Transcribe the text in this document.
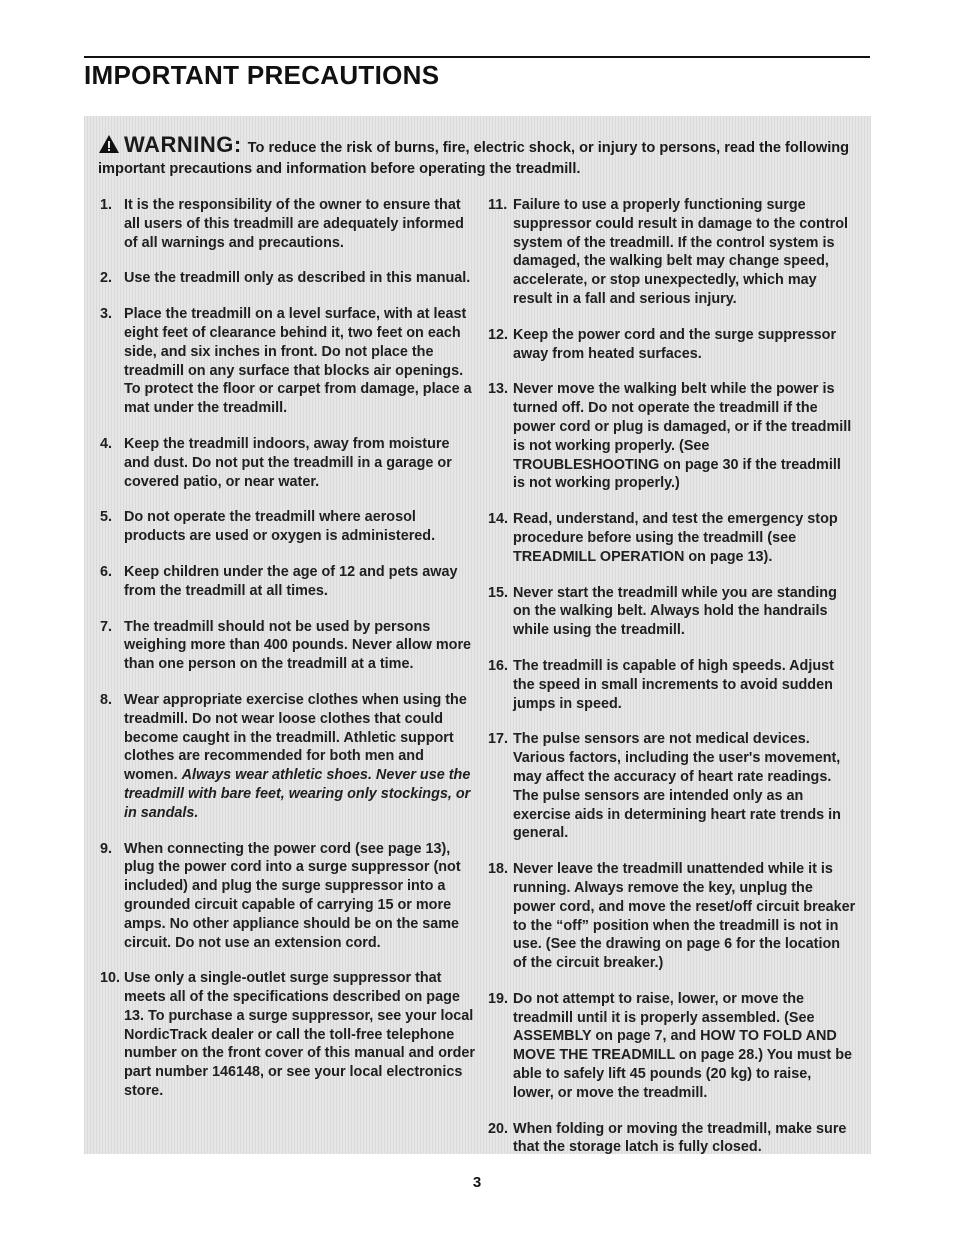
IMPORTANT PRECAUTIONS
WARNING: To reduce the risk of burns, fire, electric shock, or injury to persons, read the following important precautions and information before operating the treadmill.
1. It is the responsibility of the owner to ensure that all users of this treadmill are adequately informed of all warnings and precautions.
2. Use the treadmill only as described in this manual.
3. Place the treadmill on a level surface, with at least eight feet of clearance behind it, two feet on each side, and six inches in front. Do not place the treadmill on any surface that blocks air openings. To protect the floor or carpet from damage, place a mat under the treadmill.
4. Keep the treadmill indoors, away from moisture and dust. Do not put the treadmill in a garage or covered patio, or near water.
5. Do not operate the treadmill where aerosol products are used or oxygen is administered.
6. Keep children under the age of 12 and pets away from the treadmill at all times.
7. The treadmill should not be used by persons weighing more than 400 pounds. Never allow more than one person on the treadmill at a time.
8. Wear appropriate exercise clothes when using the treadmill. Do not wear loose clothes that could become caught in the treadmill. Athletic support clothes are recommended for both men and women. Always wear athletic shoes. Never use the treadmill with bare feet, wearing only stockings, or in sandals.
9. When connecting the power cord (see page 13), plug the power cord into a surge suppressor (not included) and plug the surge suppressor into a grounded circuit capable of carrying 15 or more amps. No other appliance should be on the same circuit. Do not use an extension cord.
10. Use only a single-outlet surge suppressor that meets all of the specifications described on page 13. To purchase a surge suppressor, see your local NordicTrack dealer or call the toll-free telephone number on the front cover of this manual and order part number 146148, or see your local electronics store.
11. Failure to use a properly functioning surge suppressor could result in damage to the control system of the treadmill. If the control system is damaged, the walking belt may change speed, accelerate, or stop unexpectedly, which may result in a fall and serious injury.
12. Keep the power cord and the surge suppressor away from heated surfaces.
13. Never move the walking belt while the power is turned off. Do not operate the treadmill if the power cord or plug is damaged, or if the treadmill is not working properly. (See TROUBLESHOOTING on page 30 if the treadmill is not working properly.)
14. Read, understand, and test the emergency stop procedure before using the treadmill (see TREADMILL OPERATION on page 13).
15. Never start the treadmill while you are standing on the walking belt. Always hold the handrails while using the treadmill.
16. The treadmill is capable of high speeds. Adjust the speed in small increments to avoid sudden jumps in speed.
17. The pulse sensors are not medical devices. Various factors, including the user's movement, may affect the accuracy of heart rate readings. The pulse sensors are intended only as an exercise aids in determining heart rate trends in general.
18. Never leave the treadmill unattended while it is running. Always remove the key, unplug the power cord, and move the reset/off circuit breaker to the “off” position when the treadmill is not in use. (See the drawing on page 6 for the location of the circuit breaker.)
19. Do not attempt to raise, lower, or move the treadmill until it is properly assembled. (See ASSEMBLY on page 7, and HOW TO FOLD AND MOVE THE TREADMILL on page 28.) You must be able to safely lift 45 pounds (20 kg) to raise, lower, or move the treadmill.
20. When folding or moving the treadmill, make sure that the storage latch is fully closed.
3
